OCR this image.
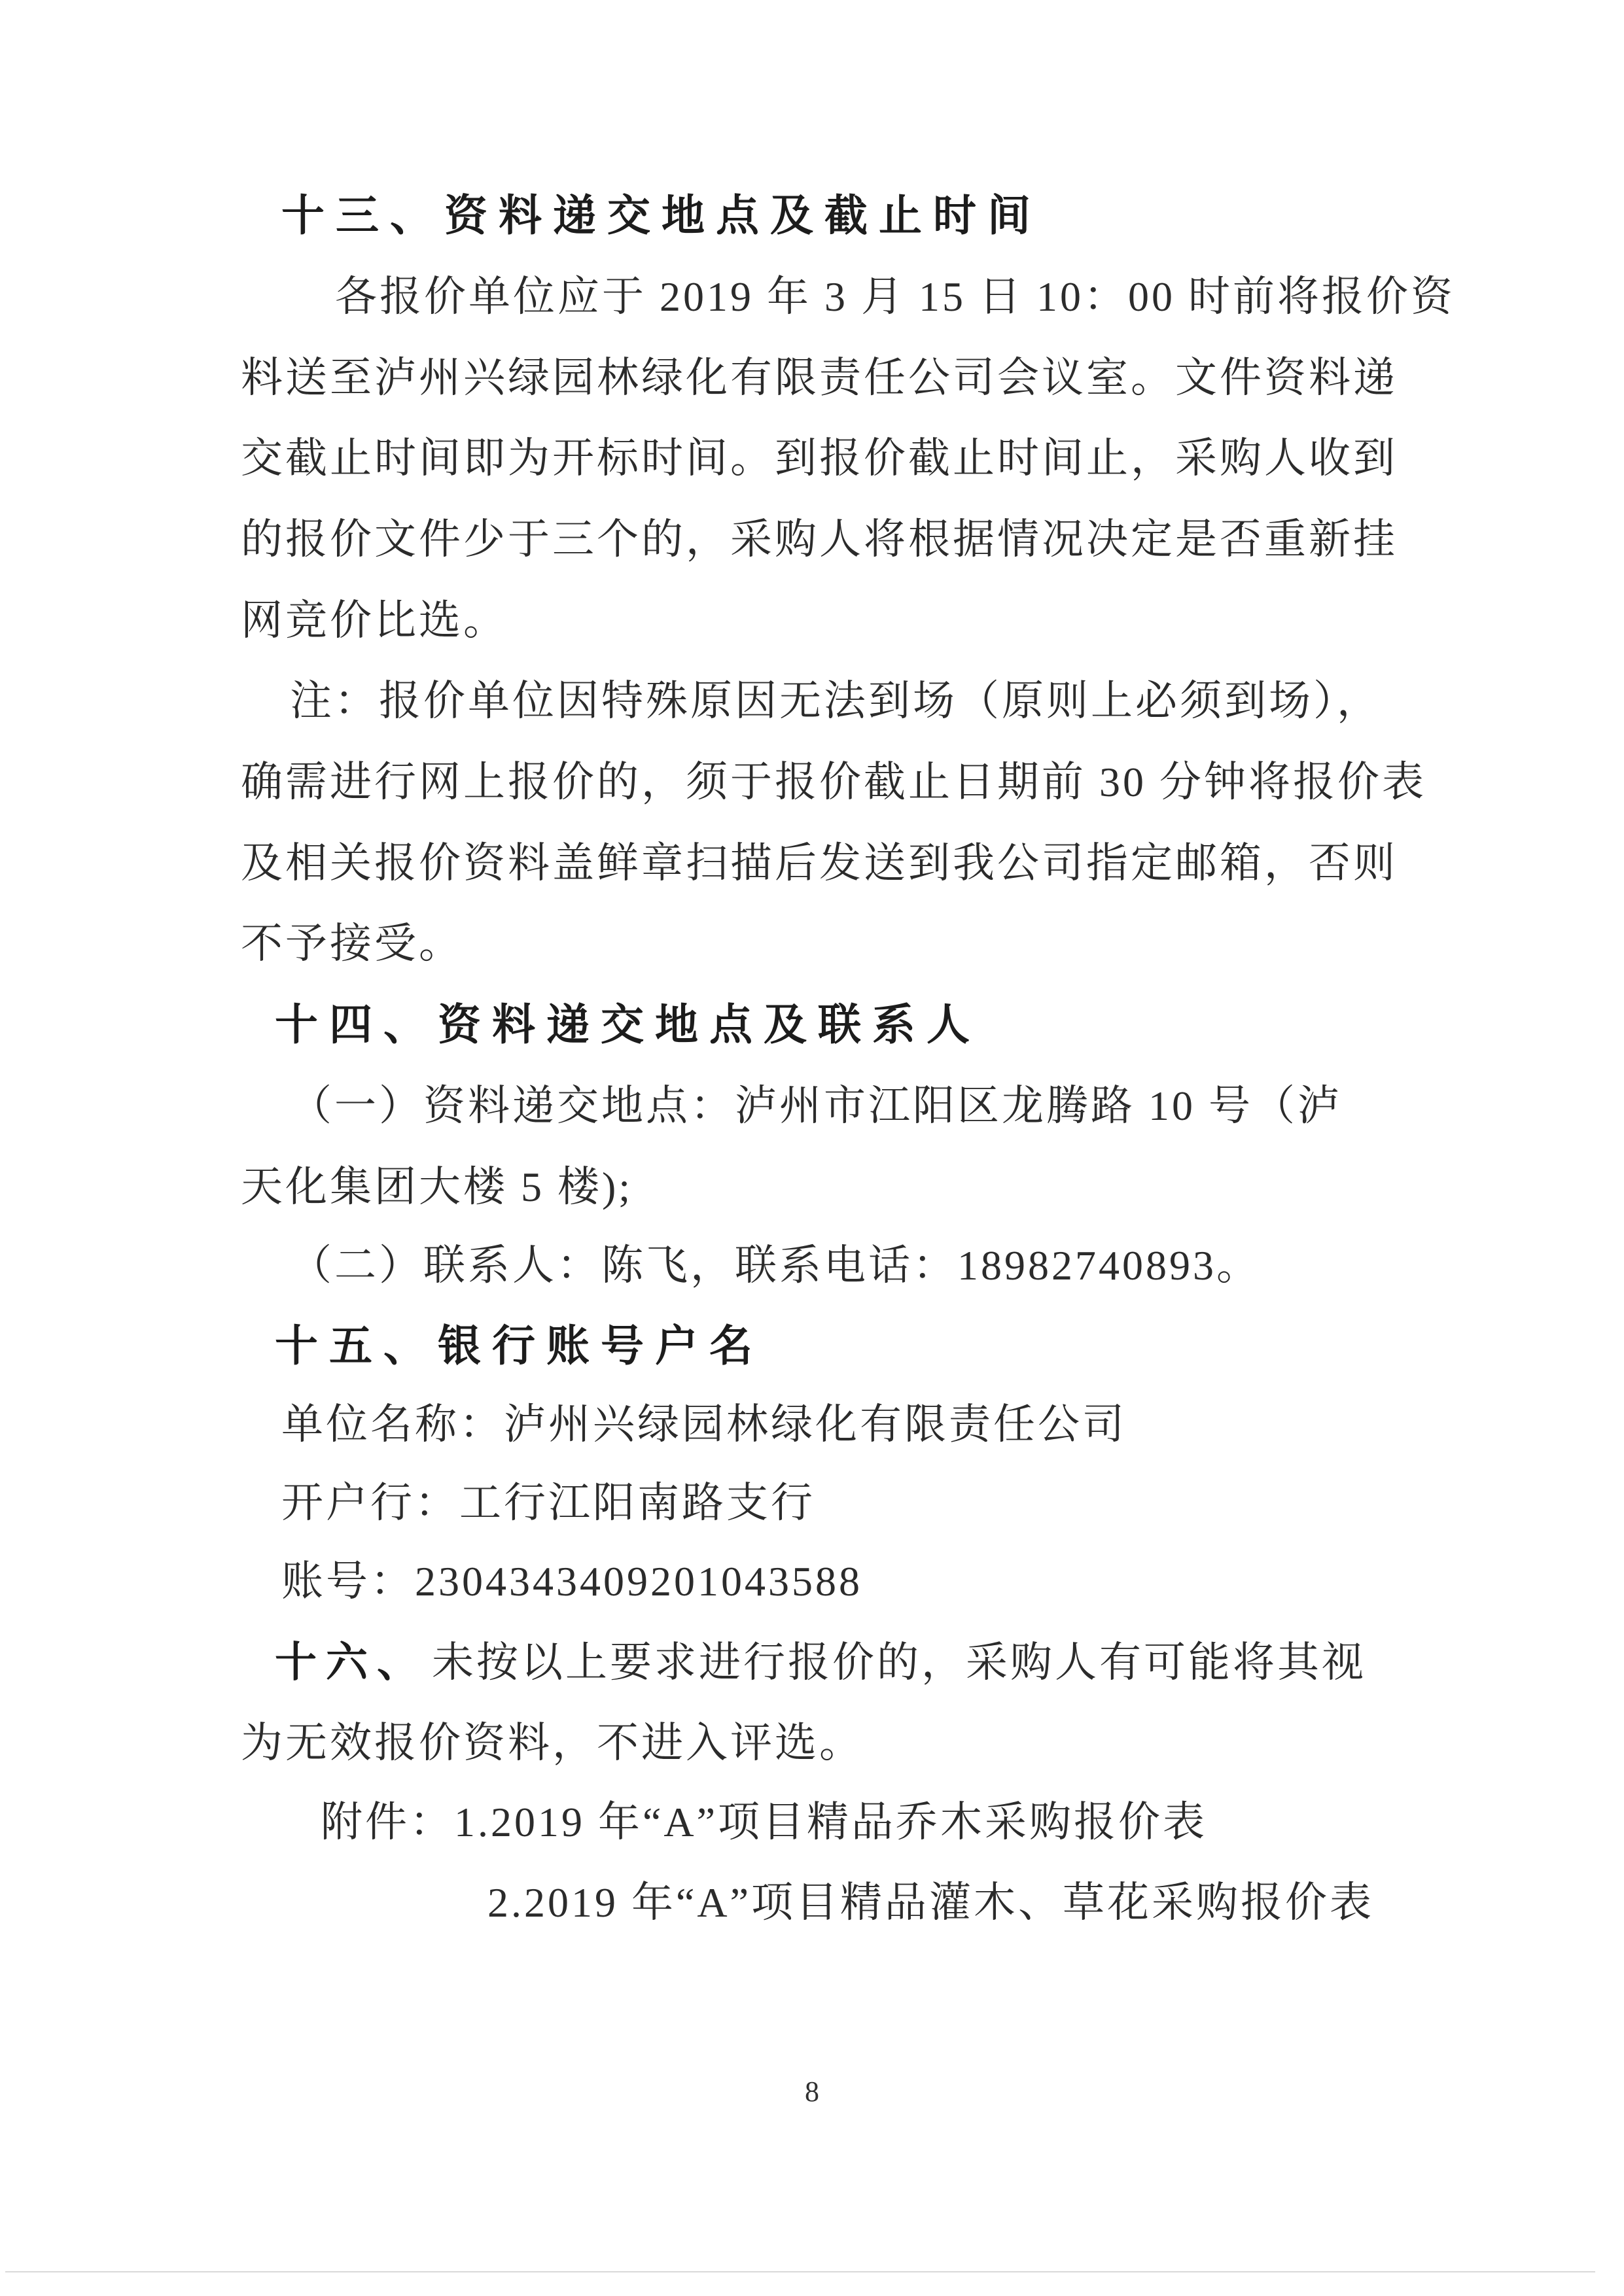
十三、资料递交地点及截止时间
各报价单位应于 2019 年 3 月 15 日 10：00 时前将报价资
料送至泸州兴绿园林绿化有限责任公司会议室。文件资料递
交截止时间即为开标时间。到报价截止时间止，采购人收到
的报价文件少于三个的，采购人将根据情况决定是否重新挂
网竞价比选。
注：报价单位因特殊原因无法到场（原则上必须到场），
确需进行网上报价的，须于报价截止日期前 30 分钟将报价表
及相关报价资料盖鲜章扫描后发送到我公司指定邮箱，否则
不予接受。
十四、资料递交地点及联系人
（一）资料递交地点：泸州市江阳区龙腾路 10 号（泸
天化集团大楼 5 楼);
（二）联系人：陈飞，联系电话：18982740893。
十五、银行账号户名
单位名称：泸州兴绿园林绿化有限责任公司
开户行：工行江阳南路支行
账号：2304343409201043588
十六、未按以上要求进行报价的，采购人有可能将其视
为无效报价资料，不进入评选。
附件：1.2019 年“A”项目精品乔木采购报价表
2.2019 年“A”项目精品灌木、草花采购报价表
8
